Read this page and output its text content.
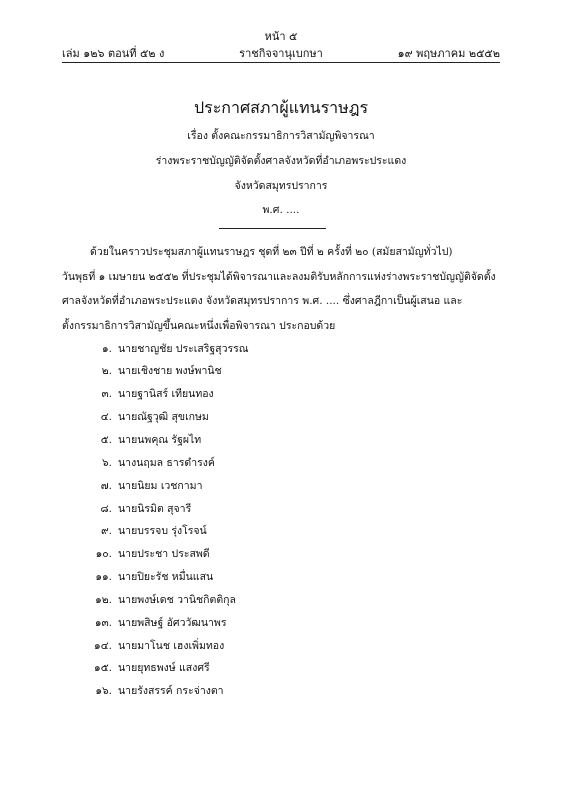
หน้า ๕
เล่ม ๑๒๖ ตอนที่ ๕๒ ง	ราชกิจจานุเบกษา	๑๙ พฤษภาคม ๒๕๕๒
ประกาศสภาผู้แทนราษฎร
เรื่อง ตั้งคณะกรรมาธิการวิสามัญพิจารณา
ร่างพระราชบัญญัติจัดตั้งศาลจังหวัดที่อำเภอพระประแดง
จังหวัดสมุทรปราการ
พ.ศ. ....
ด้วยในคราวประชุมสภาผู้แทนราษฎร ชุดที่ ๒๓ ปีที่ ๒ ครั้งที่ ๒๐ (สมัยสามัญทั่วไป)
วันพุธที่ ๑ เมษายน ๒๕๕๒ ที่ประชุมได้พิจารณาและลงมติรับหลักการแห่งร่างพระราชบัญญัติจัดตั้ง
ศาลจังหวัดที่อำเภอพระประแดง จังหวัดสมุทรปราการ พ.ศ. .... ซึ่งศาลฎีกาเป็นผู้เสนอ และ
ตั้งกรรมาธิการวิสามัญขึ้นคณะหนึ่งเพื่อพิจารณา ประกอบด้วย
๑. นายชาญชัย ประเสริฐสุวรรณ
๒. นายเชิงชาย พงษ์พานิช
๓. นายฐานิสร์ เทียนทอง
๔. นายณัฐวุฒิ สุขเกษม
๕. นายนพคุณ รัฐผไท
๖. นางนฤมล ธารดำรงค์
๗. นายนิยม เวชกามา
๘. นายนิรมิต สุจารี
๙. นายบรรจบ รุ่งโรจน์
๑๐. นายประชา ประสพดี
๑๑. นายปิยะรัช หมื่นแสน
๑๒. นายพงษ์เดช วานิชกิตติกุล
๑๓. นายพสิษฐ์ อัศววัฒนาพร
๑๔. นายมาโนช เฮงเพิ่มทอง
๑๕. นายยุทธพงษ์ แสงศรี
๑๖. นายรังสรรค์ กระจ่างตา
